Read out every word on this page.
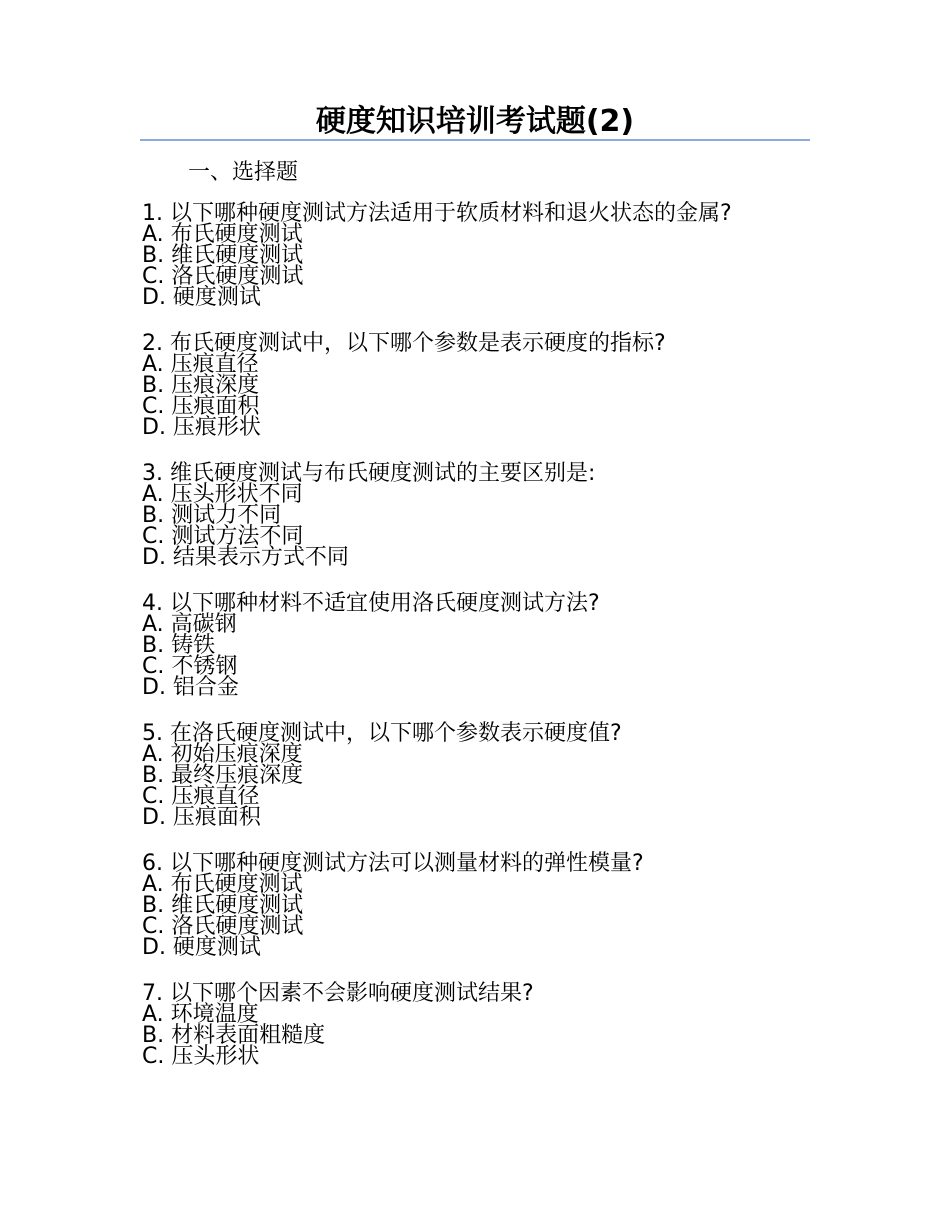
硬度知识培训考试题(2)
一、选择题
1. 以下哪种硬度测试方法适用于软质材料和退火状态的金属?
A. 布氏硬度测试
B. 维氏硬度测试
C. 洛氏硬度测试
D. 硬度测试
2. 布氏硬度测试中，以下哪个参数是表示硬度的指标?
A. 压痕直径
B. 压痕深度
C. 压痕面积
D. 压痕形状
3. 维氏硬度测试与布氏硬度测试的主要区别是:
A. 压头形状不同
B. 测试力不同
C. 测试方法不同
D. 结果表示方式不同
4. 以下哪种材料不适宜使用洛氏硬度测试方法?
A. 高碳钢
B. 铸铁
C. 不锈钢
D. 铝合金
5. 在洛氏硬度测试中，以下哪个参数表示硬度值?
A. 初始压痕深度
B. 最终压痕深度
C. 压痕直径
D. 压痕面积
6. 以下哪种硬度测试方法可以测量材料的弹性模量?
A. 布氏硬度测试
B. 维氏硬度测试
C. 洛氏硬度测试
D. 硬度测试
7. 以下哪个因素不会影响硬度测试结果?
A. 环境温度
B. 材料表面粗糙度
C. 压头形状
